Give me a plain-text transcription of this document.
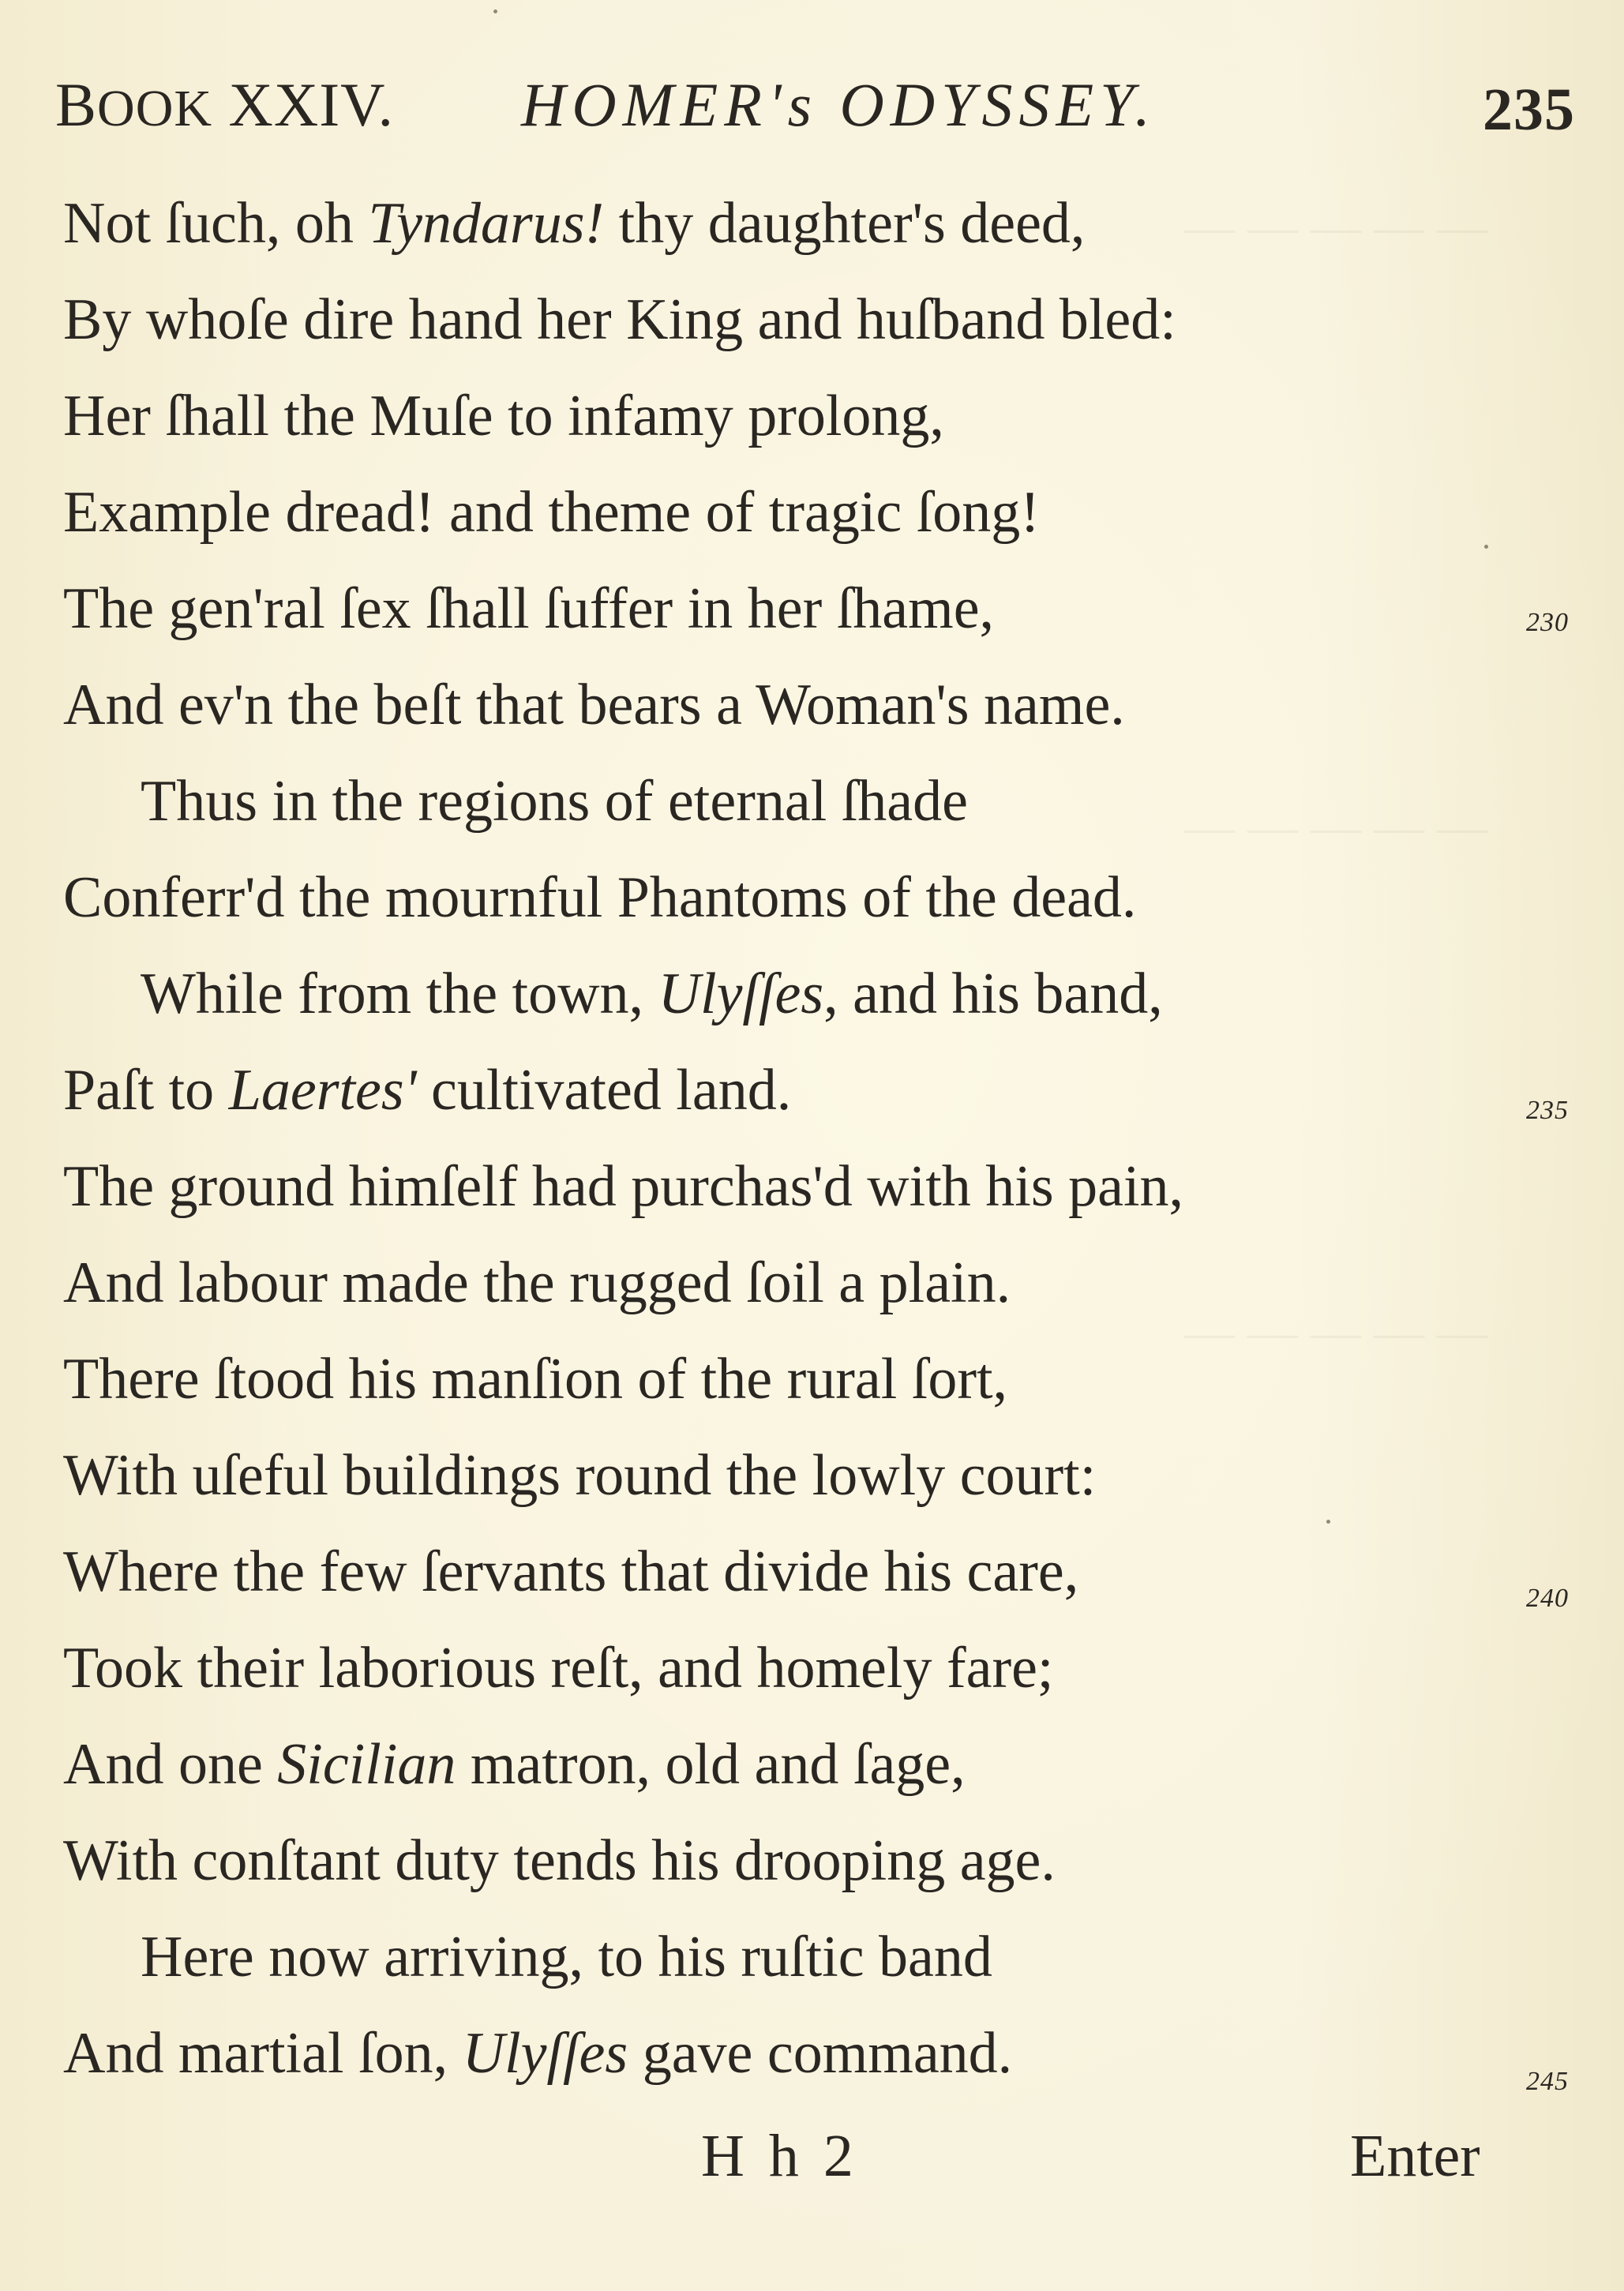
— — — — —
— — — — —
— — — — —
BOOK XXIV. HOMER's ODYSSEY.	235
Not ſuch, oh Tyndarus! thy daughter's deed,
By whoſe dire hand her King and huſband bled:
Her ſhall the Muſe to infamy prolong,
Example dread! and theme of tragic ſong!
The gen'ral ſex ſhall ſuffer in her ſhame,	230
And ev'n the beſt that bears a Woman's name.
Thus in the regions of eternal ſhade
Conferr'd the mournful Phantoms of the dead.
While from the town, Ulyſſes, and his band,
Paſt to Laertes' cultivated land.	235
The ground himſelf had purchas'd with his pain,
And labour made the rugged ſoil a plain.
There ſtood his manſion of the rural ſort,
With uſeful buildings round the lowly court:
Where the few ſervants that divide his care,	240
Took their laborious reſt, and homely fare;
And one Sicilian matron, old and ſage,
With conſtant duty tends his drooping age.
Here now arriving, to his ruſtic band
And martial ſon, Ulyſſes gave command.	245
H h 2	Enter
